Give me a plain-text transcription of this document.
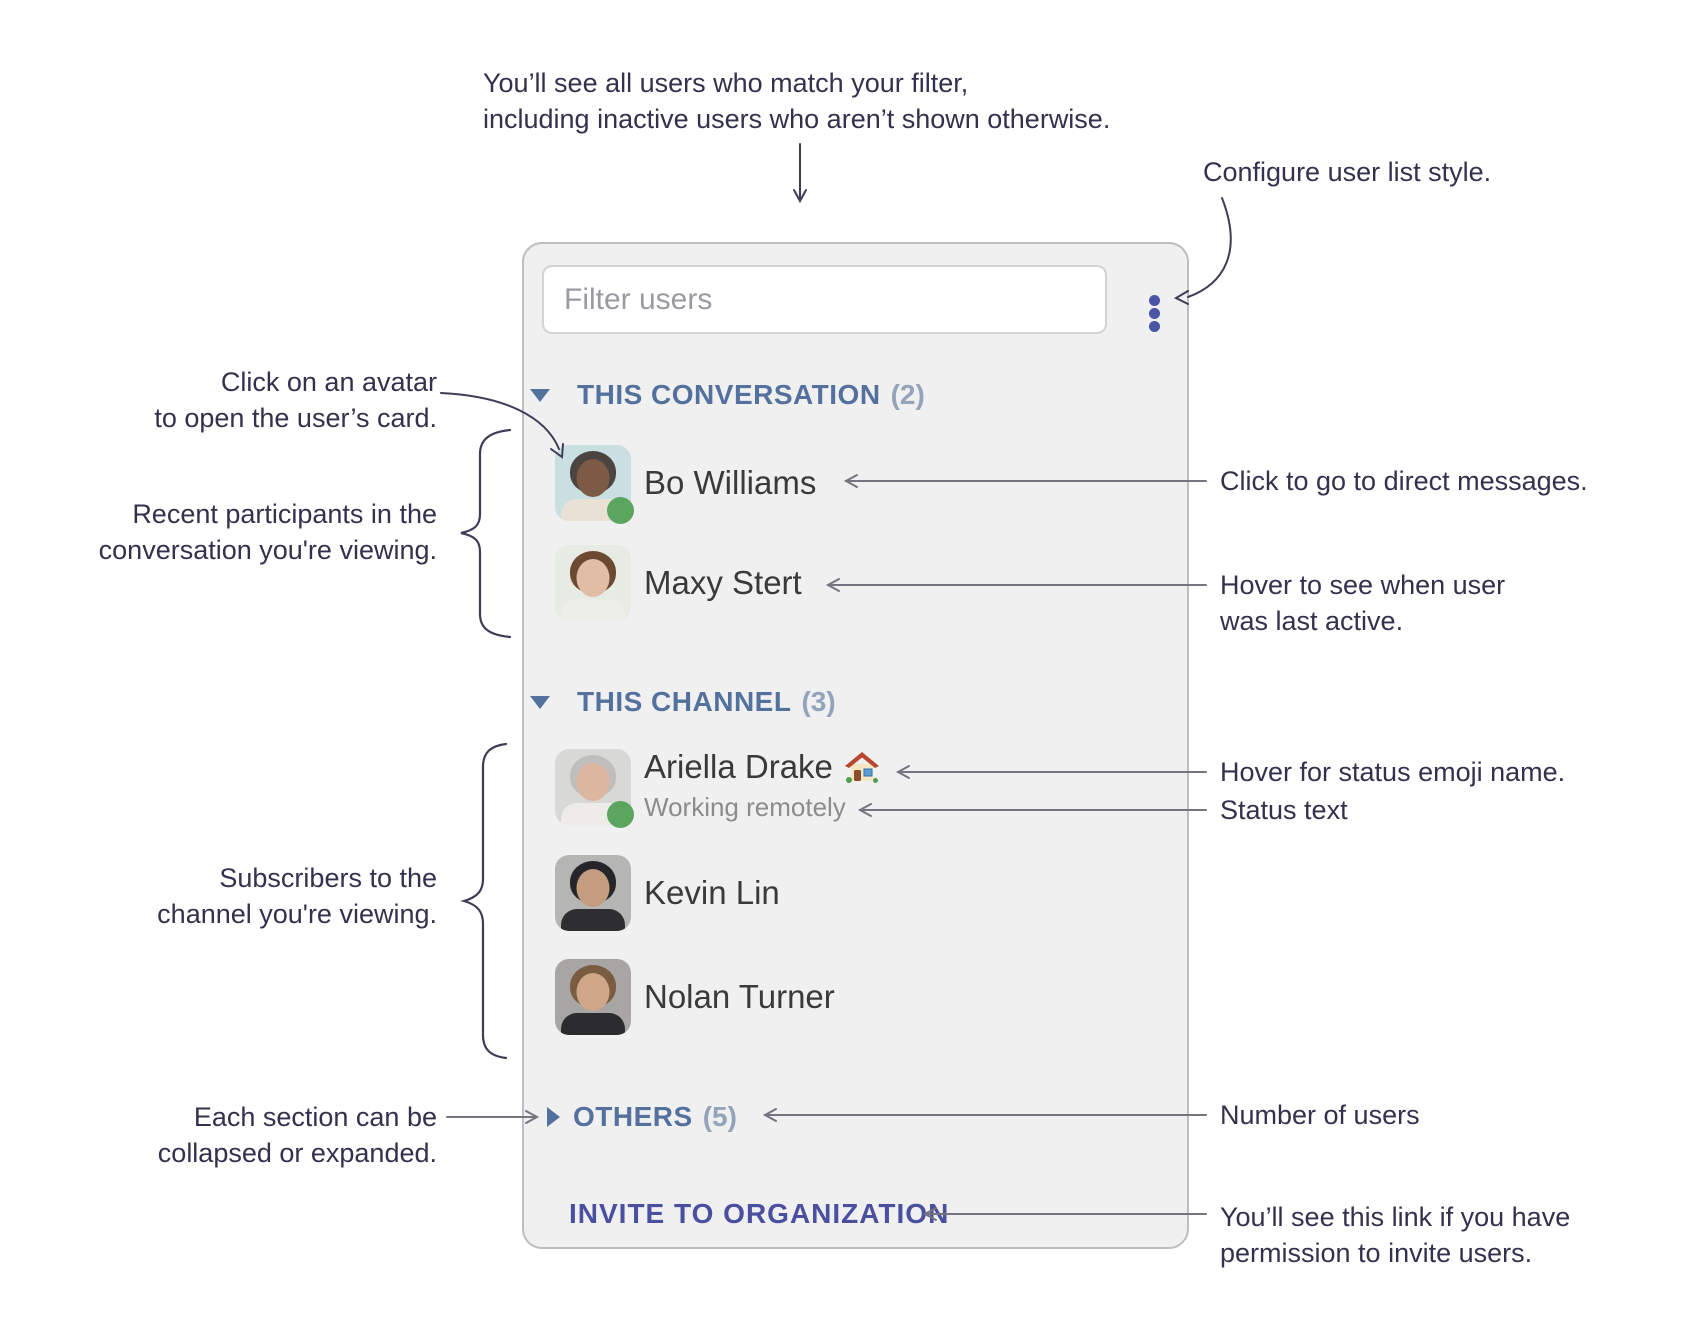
You’ll see all users who match your filter,
including inactive users who aren’t shown otherwise.
Configure user list style.
Click on an avatar
to open the user’s card.
Recent participants in the
conversation you're viewing.
Click to go to direct messages.
Hover to see when user
was last active.
Hover for status emoji name.
Status text
Subscribers to the
channel you're viewing.
Each section can be
collapsed or expanded.
Number of users
You’ll see this link if you have
permission to invite users.
Filter users
THIS CONVERSATION (2)
Bo Williams
Maxy Stert
THIS CHANNEL (3)
Ariella Drake
Working remotely
Kevin Lin
Nolan Turner
OTHERS (5)
INVITE TO ORGANIZATION
